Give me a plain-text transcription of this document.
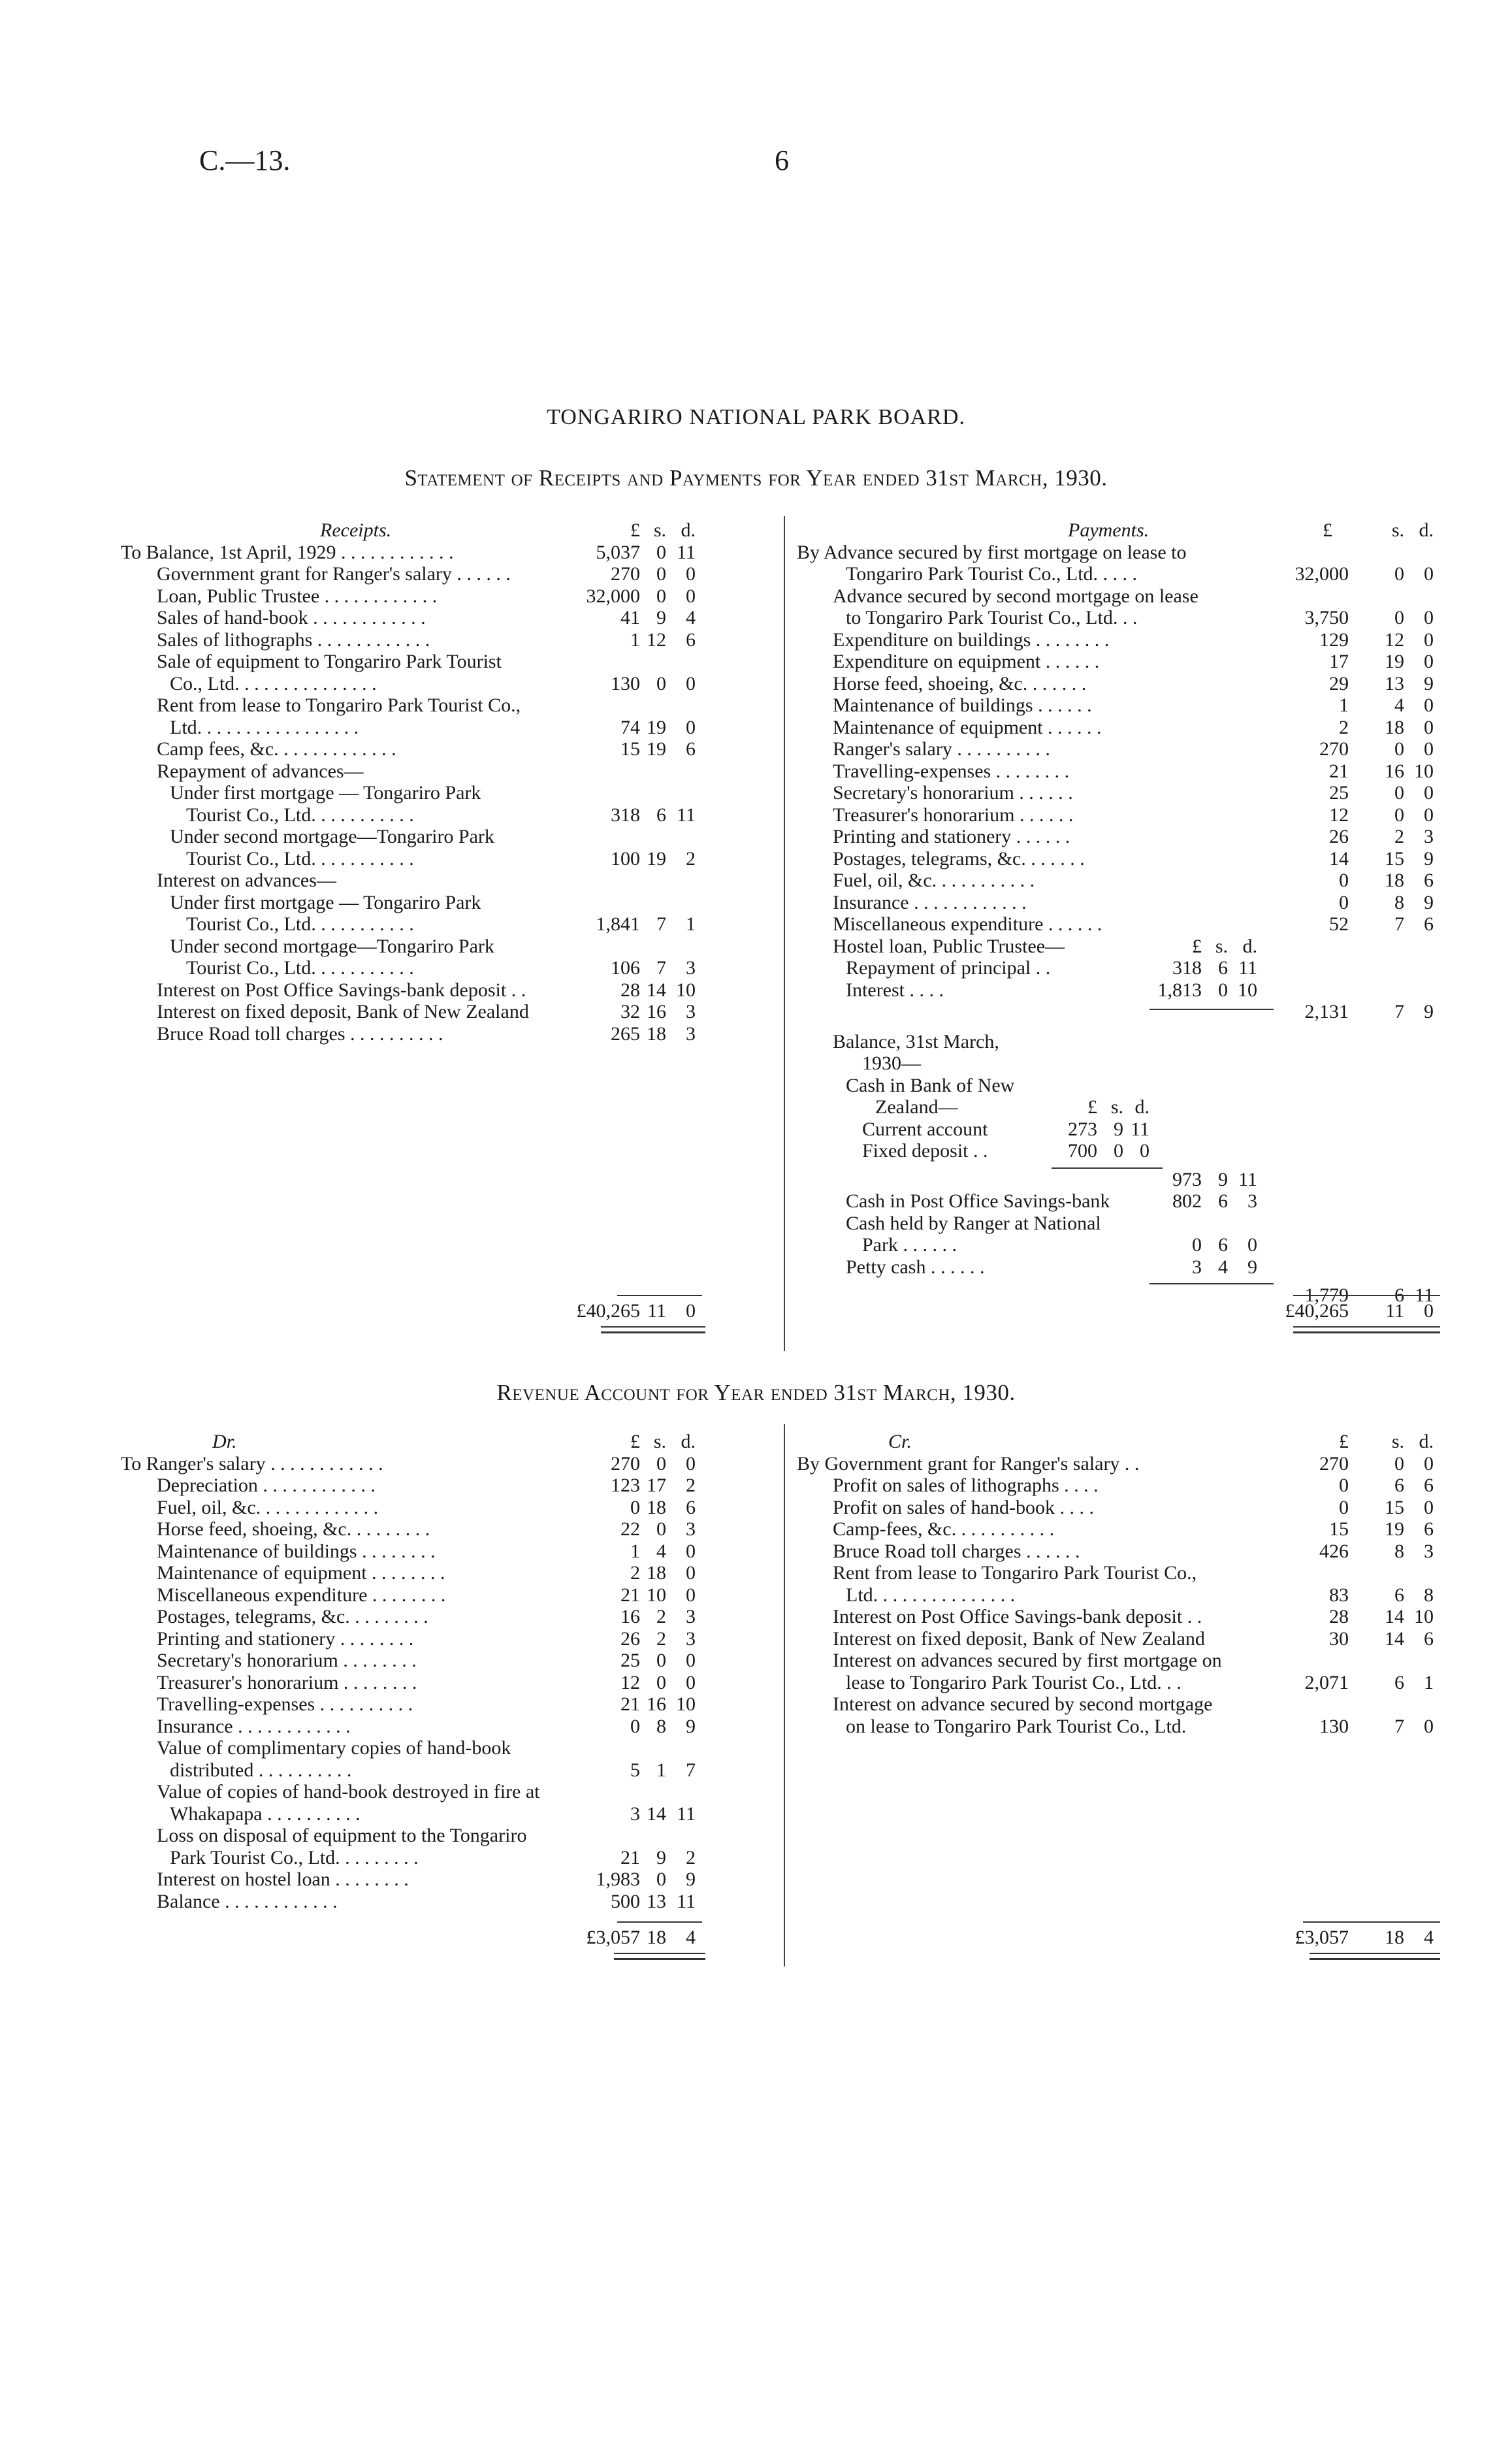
C.—13.	6
TONGARIRO NATIONAL PARK BOARD.
Statement of Receipts and Payments for Year ended 31st March, 1930.
Receipts.	£ s. d.
To Balance, 1st April, 1929 . . . . . . . . . . . .	5,037 0 11
Government grant for Ranger's salary . . . . . .	270 0	0
Loan, Public Trustee . . . . . . . . . . . .	32,000 0	0
Sales of hand-book . . . . . . . . . . . .	41 9	4
Sales of lithographs . . . . . . . . . . . .	1 12	6
Sale of equipment to Tongariro Park Tourist
Co., Ltd. . . . . . . . . . . . . . .	130 0	0
Rent from lease to Tongariro Park Tourist Co.,
Ltd. . . . . . . . . . . . . . . . .	74 19	0
Camp fees, &c. . . . . . . . . . . . .	15 19	6
Repayment of advances—
Under first mortgage — Tongariro Park
Tourist Co., Ltd. . . . . . . . . . .	318 6 11
Under second mortgage—Tongariro Park
Tourist Co., Ltd. . . . . . . . . . .	100 19	2
Interest on advances—
Under first mortgage — Tongariro Park
Tourist Co., Ltd. . . . . . . . . . .	1,841 7	1
Under second mortgage—Tongariro Park
Tourist Co., Ltd. . . . . . . . . . .	106 7	3
Interest on Post Office Savings-bank deposit . .	28 14 10
Interest on fixed deposit, Bank of New Zealand	32 16	3
Bruce Road toll charges . . . . . . . . . .	265 18	3
£40,265 11	0
Payments.	£	s. d.
By Advance secured by first mortgage on lease to
Tongariro Park Tourist Co., Ltd. . . . .	32,000	0	0
Advance secured by second mortgage on lease
to Tongariro Park Tourist Co., Ltd. . .	3,750	0	0
Expenditure on buildings . . . . . . . .	129	12	0
Expenditure on equipment . . . . . .	17	19	0
Horse feed, shoeing, &c. . . . . . .	29	13	9
Maintenance of buildings . . . . . .	1	4	0
Maintenance of equipment . . . . . .	2	18	0
Ranger's salary . . . . . . . . . .	270	0	0
Travelling-expenses . . . . . . . .	21	16 10
Secretary's honorarium . . . . . .	25	0	0
Treasurer's honorarium . . . . . .	12	0	0
Printing and stationery . . . . . .	26	2	3
Postages, telegrams, &c. . . . . . .	14	15	9
Fuel, oil, &c. . . . . . . . . . .	0	18	6
Insurance . . . . . . . . . . . .	0	8	9
Miscellaneous expenditure . . . . . .	52	7	6
Hostel loan, Public Trustee—	£ s. d.
Repayment of principal . .	318 6 11
Interest . . . .	1,813 0 10
2,131	7	9
Balance, 31st March,
1930—
Cash in Bank of New
Zealand—	£ s. d.
Current account	273 9 11
Fixed deposit . .	700 0 0
973 9 11
Cash in Post Office Savings-bank	802 6	3
Cash held by Ranger at National
Park . . . . . .	0 6	0
Petty cash . . . . . .	3 4	9
1,779	6 11
£40,265	11	0
Revenue Account for Year ended 31st March, 1930.
Dr.	£ s. d.
To Ranger's salary . . . . . . . . . . . .	270 0	0
Depreciation . . . . . . . . . . . .	123 17	2
Fuel, oil, &c. . . . . . . . . . . . .	0 18	6
Horse feed, shoeing, &c. . . . . . . . .	22 0	3
Maintenance of buildings . . . . . . . .	1 4	0
Maintenance of equipment . . . . . . . .	2 18	0
Miscellaneous expenditure . . . . . . . .	21 10	0
Postages, telegrams, &c. . . . . . . . .	16 2	3
Printing and stationery . . . . . . . .	26 2	3
Secretary's honorarium . . . . . . . .	25 0	0
Treasurer's honorarium . . . . . . . .	12 0	0
Travelling-expenses . . . . . . . . . .	21 16 10
Insurance . . . . . . . . . . . .	0 8	9
Value of complimentary copies of hand-book
distributed . . . . . . . . . .	5 1	7
Value of copies of hand-book destroyed in fire at
Whakapapa . . . . . . . . . .	3 14 11
Loss on disposal of equipment to the Tongariro
Park Tourist Co., Ltd. . . . . . . . .	21 9	2
Interest on hostel loan . . . . . . . .	1,983 0	9
Balance . . . . . . . . . . . .	500 13 11
£3,057 18	4
Cr.	£	s. d.
By Government grant for Ranger's salary . .	270	0	0
Profit on sales of lithographs . . . .	0	6	6
Profit on sales of hand-book . . . .	0	15	0
Camp-fees, &c. . . . . . . . . . .	15	19	6
Bruce Road toll charges . . . . . .	426	8	3
Rent from lease to Tongariro Park Tourist Co.,
Ltd. . . . . . . . . . . . . . .	83	6	8
Interest on Post Office Savings-bank deposit . .	28	14 10
Interest on fixed deposit, Bank of New Zealand	30	14	6
Interest on advances secured by first mortgage on
lease to Tongariro Park Tourist Co., Ltd. . .	2,071	6	1
Interest on advance secured by second mortgage
on lease to Tongariro Park Tourist Co., Ltd.	130	7	0
£3,057	18	4
